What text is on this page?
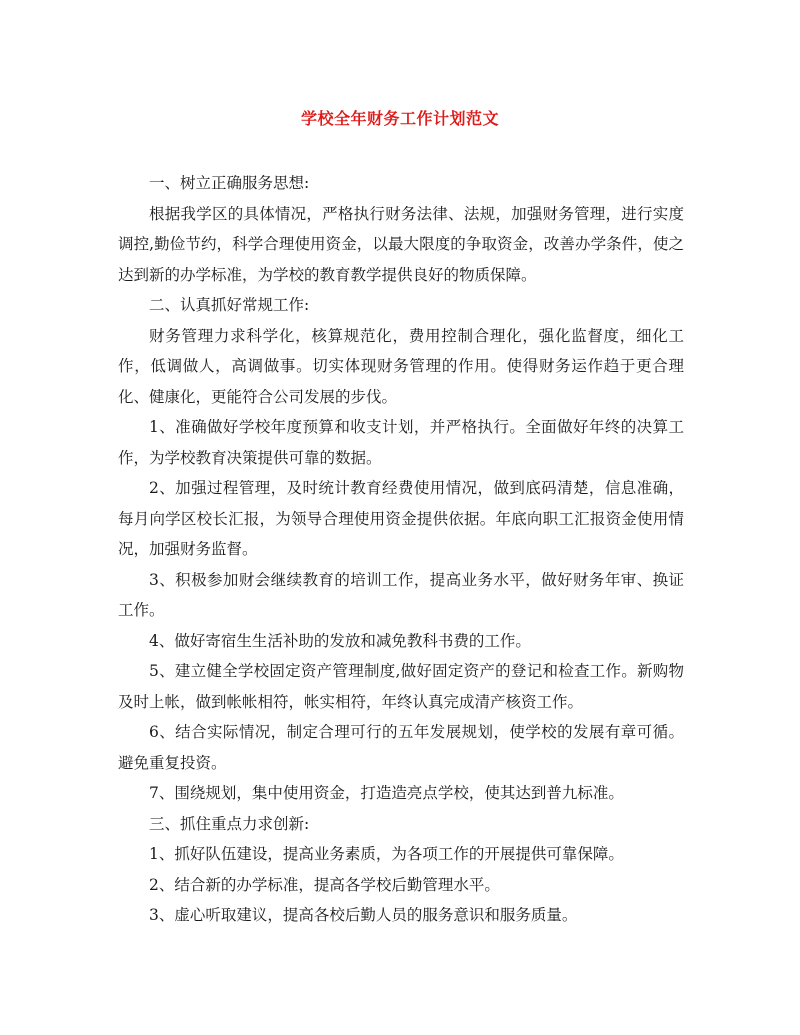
学校全年财务工作计划范文

一、树立正确服务思想:

根据我学区的具体情况，严格执行财务法律、法规，加强财务管理，进行实度调控,勤俭节约，科学合理使用资金，以最大限度的争取资金，改善办学条件，使之达到新的办学标准，为学校的教育教学提供良好的物质保障。

二、认真抓好常规工作:

财务管理力求科学化，核算规范化，费用控制合理化，强化监督度，细化工作，低调做人，高调做事。切实体现财务管理的作用。使得财务运作趋于更合理化、健康化，更能符合公司发展的步伐。

1、准确做好学校年度预算和收支计划，并严格执行。全面做好年终的决算工作，为学校教育决策提供可靠的数据。

2、加强过程管理，及时统计教育经费使用情况，做到底码清楚，信息准确，每月向学区校长汇报，为领导合理使用资金提供依据。年底向职工汇报资金使用情况，加强财务监督。

3、积极参加财会继续教育的培训工作，提高业务水平，做好财务年审、换证工作。

4、做好寄宿生生活补助的发放和减免教科书费的工作。

5、建立健全学校固定资产管理制度,做好固定资产的登记和检查工作。新购物及时上帐，做到帐帐相符，帐实相符，年终认真完成清产核资工作。

6、结合实际情况，制定合理可行的五年发展规划，使学校的发展有章可循。避免重复投资。

7、围绕规划，集中使用资金，打造造亮点学校，使其达到普九标准。

三、抓住重点力求创新:

1、抓好队伍建设，提高业务素质，为各项工作的开展提供可靠保障。

2、结合新的办学标准，提高各学校后勤管理水平。

3、虚心听取建议，提高各校后勤人员的服务意识和服务质量。
